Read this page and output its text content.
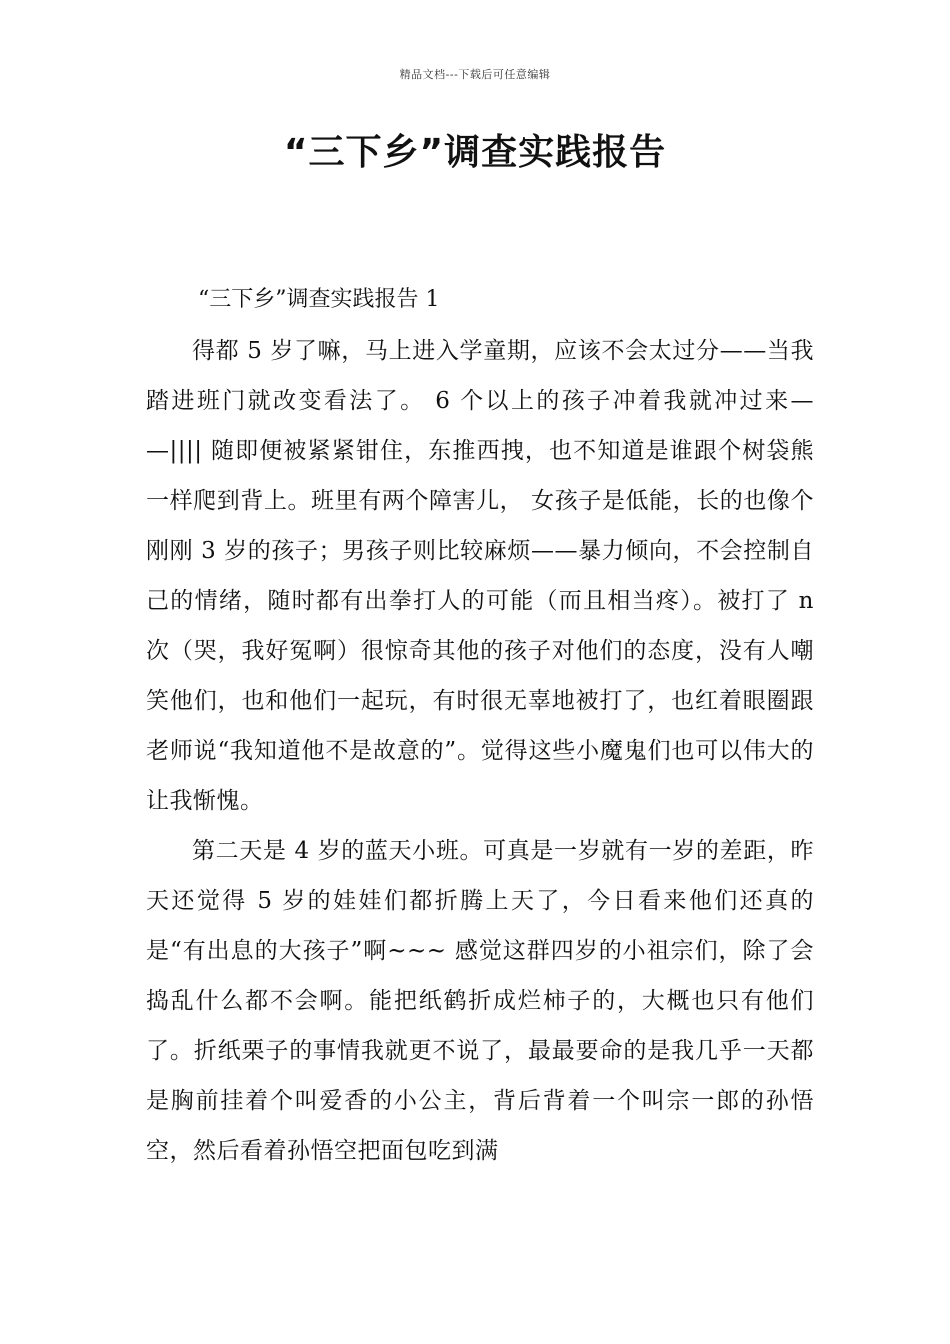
精品文档---下载后可任意编辑
“三下乡”调查实践报告
“三下乡”调查实践报告 1

得都 5 岁了嘛，马上进入学童期，应该不会太过分——当我踏进班门就改变看法了。 6 个以上的孩子冲着我就冲过来— —|||| 随即便被紧紧钳住，东推西拽，也不知道是谁跟个树袋熊一样爬到背上。班里有两个障害儿， 女孩子是低能，长的也像个刚刚 3 岁的孩子；男孩子则比较麻烦——暴力倾向，不会控制自己的情绪，随时都有出拳打人的可能（而且相当疼）。被打了 n 次（哭，我好冤啊）很惊奇其他的孩子对他们的态度，没有人嘲笑他们，也和他们一起玩，有时很无辜地被打了，也红着眼圈跟老师说“我知道他不是故意的”。觉得这些小魔鬼们也可以伟大的让我惭愧。

第二天是 4 岁的蓝天小班。可真是一岁就有一岁的差距，昨天还觉得 5 岁的娃娃们都折腾上天了，今日看来他们还真的是“有出息的大孩子”啊~~~ 感觉这群四岁的小祖宗们，除了会捣乱什么都不会啊。能把纸鹤折成烂柿子的，大概也只有他们了。折纸栗子的事情我就更不说了，最最要命的是我几乎一天都是胸前挂着个叫爱香的小公主，背后背着一个叫宗一郎的孙悟空，然后看着孙悟空把面包吃到满
